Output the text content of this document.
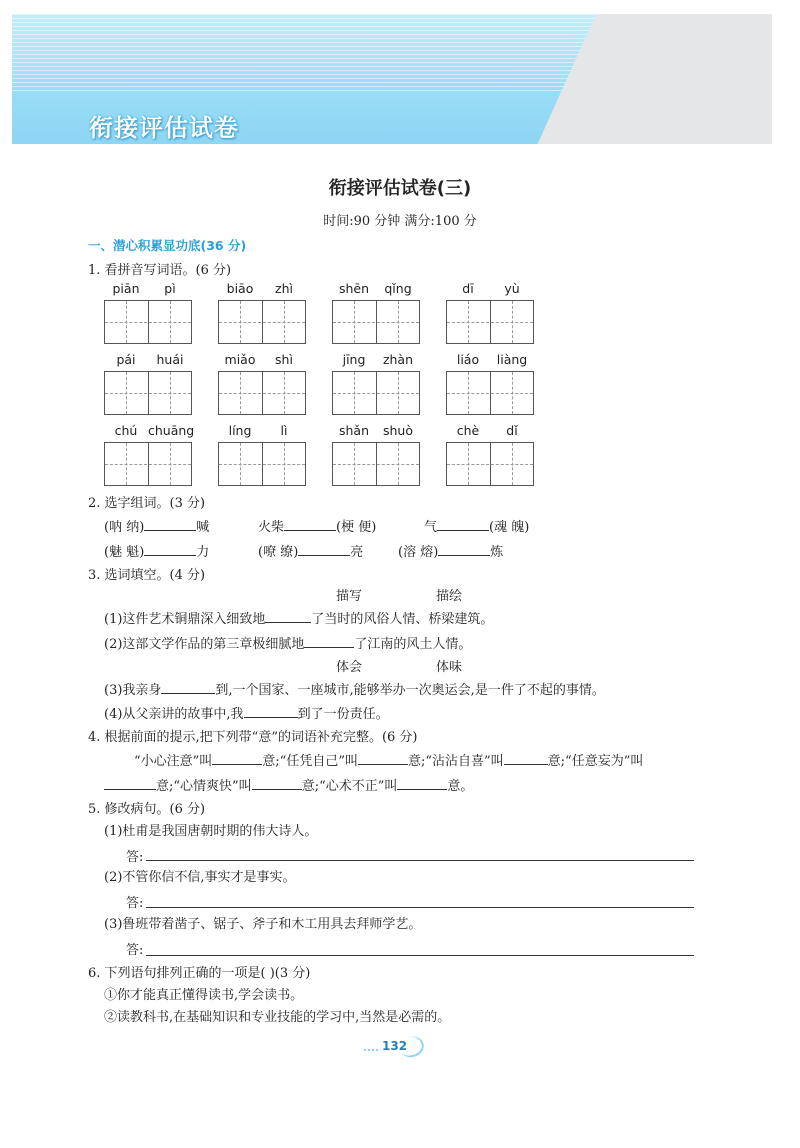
衔接评估试卷
衔接评估试卷(三)
时间:90 分钟 满分:100 分
一、潜心积累显功底(36 分)
1. 看拼音写词语。(6 分)
piān	pì	biāo	zhì	shēn	qǐng	dī	yù
pái	huái	miǎo	shì	jīng	zhàn	liáo	liàng
chú chuāng	líng	lì	shǎn	shuò	chè	dǐ
2. 选字组词。(3 分)
(呐 纳)	喊	火柴	(梗 便)	气	(魂 魄)
(魅 魁)	力	(嘹 缭)	亮	(溶 熔)	炼
3. 选词填空。(4 分)
描写	描绘
(1)这件艺术铜鼎深入细致地	了当时的风俗人情、桥梁建筑。
(2)这部文学作品的第三章极细腻地	了江南的风土人情。
体会	体味
(3)我亲身	到,一个国家、一座城市,能够举办一次奥运会,是一件了不起的事情。
(4)从父亲讲的故事中,我	到了一份责任。
4. 根据前面的提示,把下列带“意”的词语补充完整。(6 分)
“小心注意”叫	意;“任凭自己”叫	意;“沾沾自喜”叫	意;“任意妄为”叫
意;“心情爽快”叫	意;“心术不正”叫	意。
5. 修改病句。(6 分)
(1)杜甫是我国唐朝时期的伟大诗人。
答:
(2)不管你信不信,事实才是事实。
答:
(3)鲁班带着凿子、锯子、斧子和木工用具去拜师学艺。
答:
6. 下列语句排列正确的一项是( )(3 分)
①你才能真正懂得读书,学会读书。
②读教科书,在基础知识和专业技能的学习中,当然是必需的。
132
